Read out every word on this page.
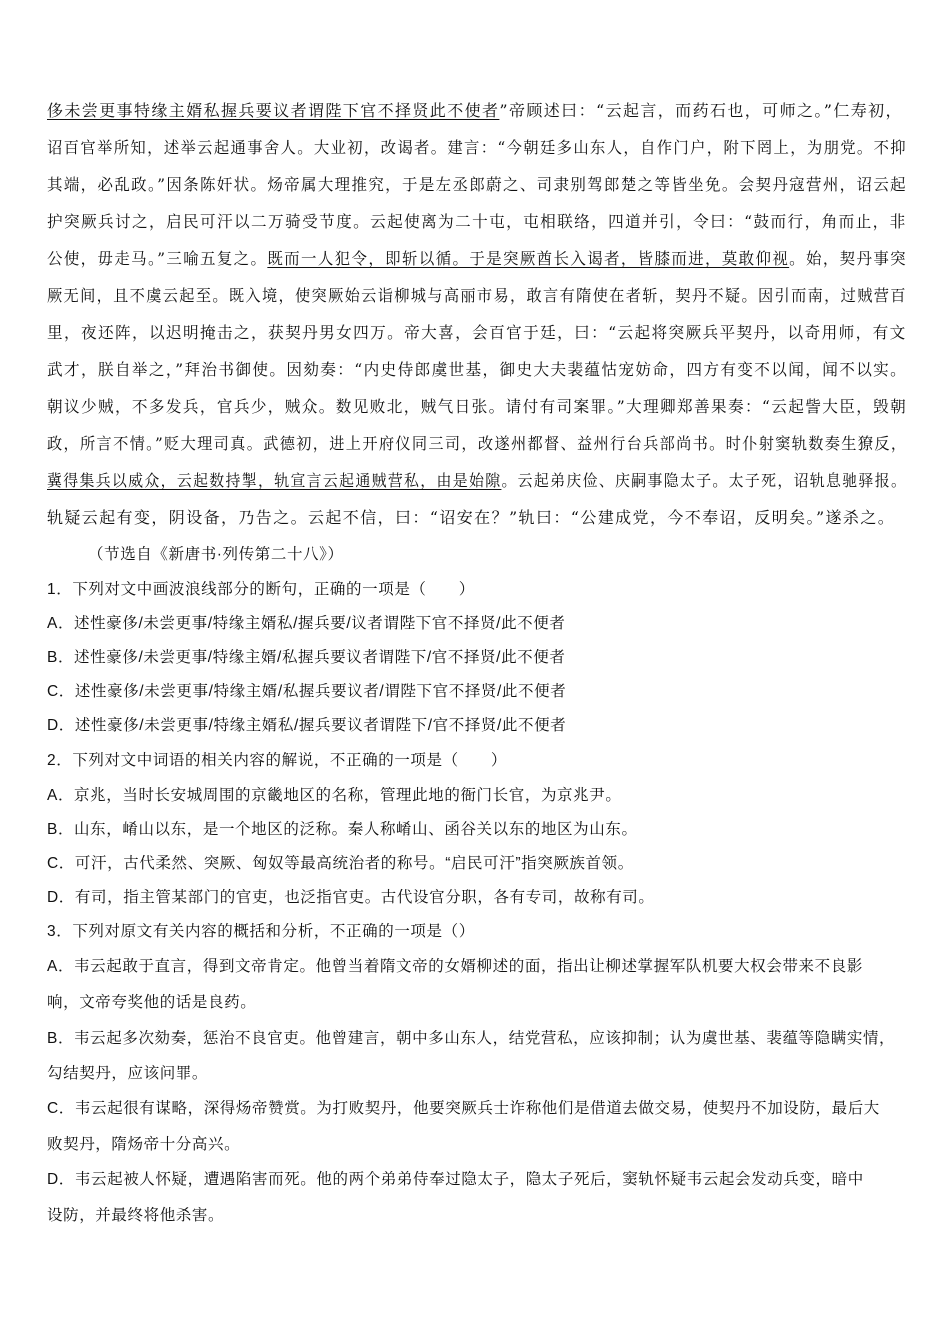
侈未尝更事特缘主婿私握兵要议者谓陛下官不择贤此不使者”帝顾述曰：“云起言，而药石也，可师之。”仁寿初，
诏百官举所知，述举云起通事舍人。大业初，改谒者。建言：“今朝廷多山东人，自作门户，附下罔上，为朋党。不抑
其端，必乱政。”因条陈奸状。炀帝属大理推究，于是左丞郎蔚之、司隶别驾郎楚之等皆坐免。会契丹寇营州，诏云起
护突厥兵讨之，启民可汗以二万骑受节度。云起使离为二十屯，屯相联络，四道并引，令曰：“鼓而行，角而止，非
公使，毋走马。”三喻五复之。既而一人犯令，即斩以循。于是突厥酋长入谒者，皆膝而进，莫敢仰视。始，契丹事突
厥无间，且不虞云起至。既入境，使突厥始云诣柳城与高丽市易，敢言有隋使在者斩，契丹不疑。因引而南，过贼营百
里，夜还阵，以迟明掩击之，获契丹男女四万。帝大喜，会百官于廷，曰：“云起将突厥兵平契丹，以奇用师，有文
武才，朕自举之，”拜治书御使。因劾奏：“内史侍郎虞世基，御史大夫裴蕴怙宠妨命，四方有变不以闻，闻不以实。
朝议少贼，不多发兵，官兵少，贼众。数见败北，贼气日张。请付有司案罪。”大理卿郑善果奏：“云起訾大臣，毁朝
政，所言不情。”贬大理司真。武德初，进上开府仪同三司，改遂州都督、益州行台兵部尚书。时仆射窦轨数奏生獠反，
冀得集兵以威众，云起数持掣，轨宣言云起通贼营私，由是始隙。云起弟庆俭、庆嗣事隐太子。太子死，诏轨息驰驿报。
轨疑云起有变，阴设备，乃告之。云起不信，曰：“诏安在？”轨曰：“公建成党，今不奉诏，反明矣。”遂杀之。
（节选自《新唐书·列传第二十八》）
1．下列对文中画波浪线部分的断句，正确的一项是（　　）
A．述性豪侈/未尝更事/特缘主婿私/握兵要/议者谓陛下官不择贤/此不便者
B．述性豪侈/未尝更事/特缘主婿/私握兵要议者谓陛下/官不择贤/此不便者
C．述性豪侈/未尝更事/特缘主婿/私握兵要议者/谓陛下官不择贤/此不便者
D．述性豪侈/未尝更事/特缘主婿私/握兵要议者谓陛下/官不择贤/此不便者
2．下列对文中词语的相关内容的解说，不正确的一项是（　　）
A．京兆，当时长安城周围的京畿地区的名称，管理此地的衙门长官，为京兆尹。
B．山东，崤山以东，是一个地区的泛称。秦人称崤山、函谷关以东的地区为山东。
C．可汗，古代柔然、突厥、匈奴等最高统治者的称号。“启民可汗”指突厥族首领。
D．有司，指主管某部门的官吏，也泛指官吏。古代设官分职，各有专司，故称有司。
3．下列对原文有关内容的概括和分析，不正确的一项是（）
A．韦云起敢于直言，得到文帝肯定。他曾当着隋文帝的女婿柳述的面，指出让柳述掌握军队机要大权会带来不良影
响，文帝夸奖他的话是良药。
B．韦云起多次劾奏，惩治不良官吏。他曾建言，朝中多山东人，结党营私，应该抑制；认为虞世基、裴蕴等隐瞒实情，
勾结契丹，应该问罪。
C．韦云起很有谋略，深得炀帝赞赏。为打败契丹，他要突厥兵士诈称他们是借道去做交易，使契丹不加设防，最后大
败契丹，隋炀帝十分高兴。
D．韦云起被人怀疑，遭遇陷害而死。他的两个弟弟侍奉过隐太子，隐太子死后，窦轨怀疑韦云起会发动兵变，暗中
设防，并最终将他杀害。
